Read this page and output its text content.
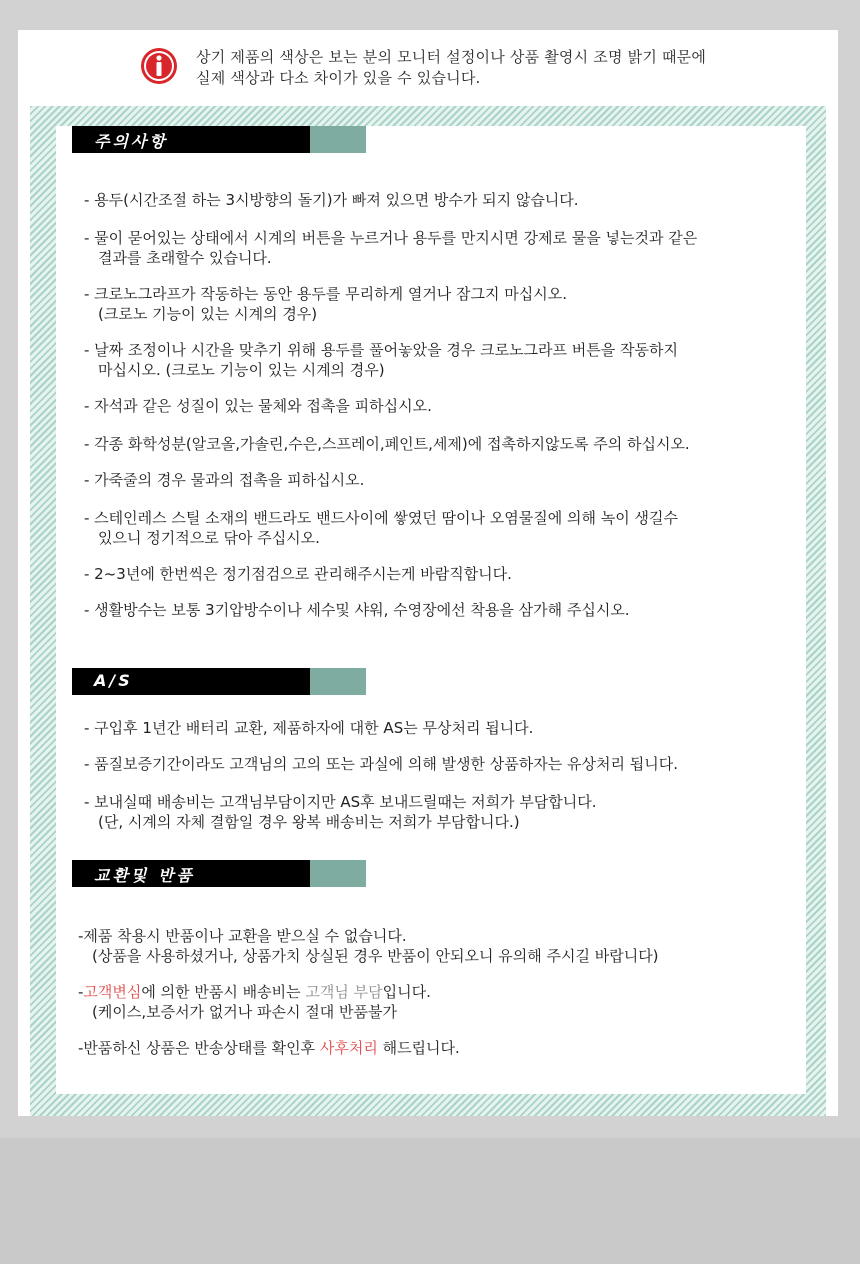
상기 제품의 색상은 보는 분의 모니터 설정이나 상품 촬영시 조명 밝기 때문에
실제 색상과 다소 차이가 있을 수 있습니다.
주의사항
- 용두(시간조절 하는 3시방향의 돌기)가 빠져 있으면 방수가 되지 않습니다.
- 물이 묻어있는 상태에서 시계의 버튼을 누르거나 용두를 만지시면 강제로 물을 넣는것과 같은
결과를 초래할수 있습니다.
- 크로노그라프가 작동하는 동안 용두를 무리하게 열거나 잠그지 마십시오.
(크로노 기능이 있는 시계의 경우)
- 날짜 조정이나 시간을 맞추기 위해 용두를 풀어놓았을 경우 크로노그라프 버튼을 작동하지
마십시오. (크로노 기능이 있는 시계의 경우)
- 자석과 같은 성질이 있는 물체와 접촉을 피하십시오.
- 각종 화학성분(알코올,가솔린,수은,스프레이,페인트,세제)에 접촉하지않도록 주의 하십시오.
- 가죽줄의 경우 물과의 접촉을 피하십시오.
- 스테인레스 스틸 소재의 밴드라도 밴드사이에 쌓였던 땀이나 오염물질에 의해 녹이 생길수
있으니 정기적으로 닦아 주십시오.
- 2~3년에 한번씩은 정기점검으로 관리해주시는게 바람직합니다.
- 생활방수는 보통 3기압방수이나 세수및 샤워, 수영장에선 착용을 삼가해 주십시오.
A/S
- 구입후 1년간 배터리 교환, 제품하자에 대한 AS는 무상처리 됩니다.
- 품질보증기간이라도 고객님의 고의 또는 과실에 의해 발생한 상품하자는 유상처리 됩니다.
- 보내실때 배송비는 고객님부담이지만 AS후 보내드릴때는 저희가 부담합니다.
(단, 시계의 자체 결함일 경우 왕복 배송비는 저희가 부담합니다.)
교환및 반품
-제품 착용시 반품이나 교환을 받으실 수 없습니다.
(상품을 사용하셨거나, 상품가치 상실된 경우 반품이 안되오니 유의해 주시길 바랍니다)
-고객변심에 의한 반품시 배송비는 고객님 부담입니다.
(케이스,보증서가 없거나 파손시 절대 반품불가
-반품하신 상품은 반송상태를 확인후 사후처리 해드립니다.
